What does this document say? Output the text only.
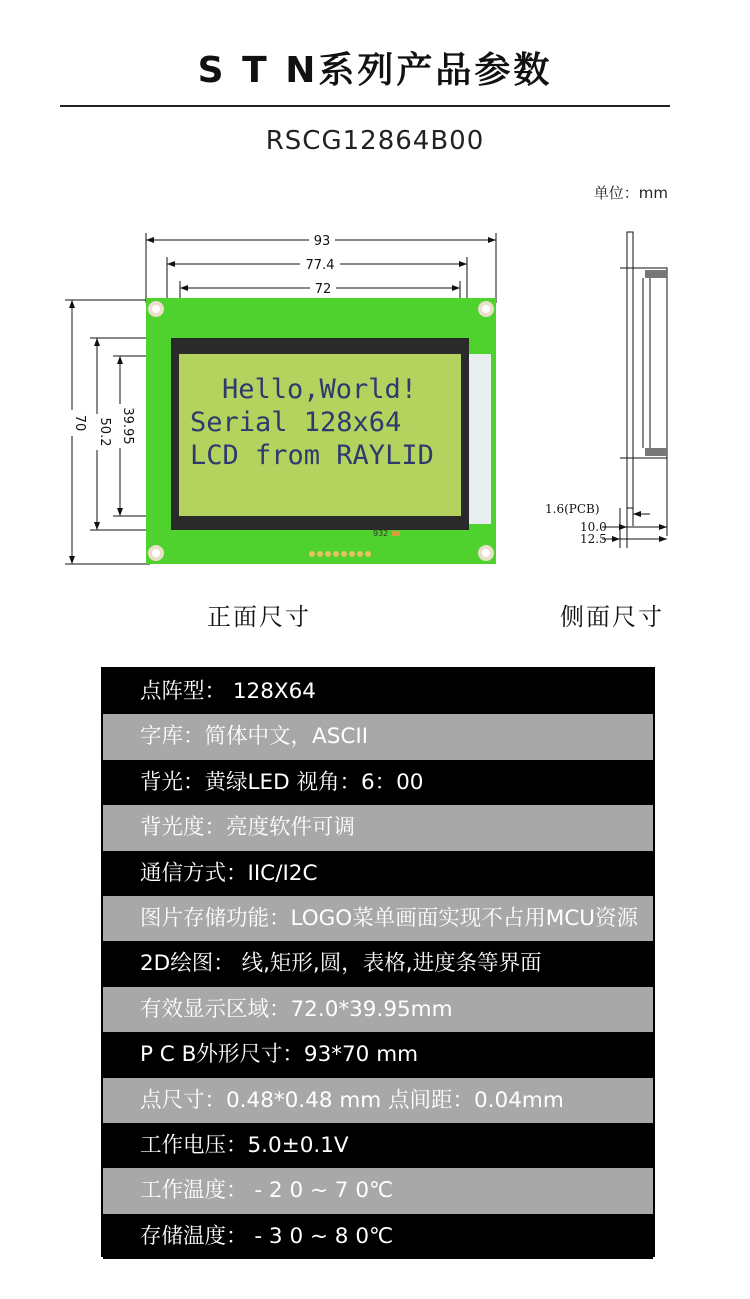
S T N系列产品参数
RSCG12864B00
单位：mm
93
77.4
72
70 50.2 39.95
Hello,World!
Serial 128x64
LCD from RAYLID
932
1.6(PCB)
10.0
12.5
正面尺寸	侧面尺寸
点阵型： 128X64
字库：简体中文，ASCII
背光：黄绿LED 视角：6：00
背光度：亮度软件可调
通信方式：IIC/I2C
图片存储功能：LOGO菜单画面实现不占用MCU资源
2D绘图： 线,矩形,圆，表格,进度条等界面
有效显示区域：72.0*39.95mm
P C B外形尺寸：93*70 mm
点尺寸：0.48*0.48 mm 点间距：0.04mm
工作电压：5.0±0.1V
工作温度： - 2 0 ~ 7 0℃
存储温度： - 3 0 ~ 8 0℃
